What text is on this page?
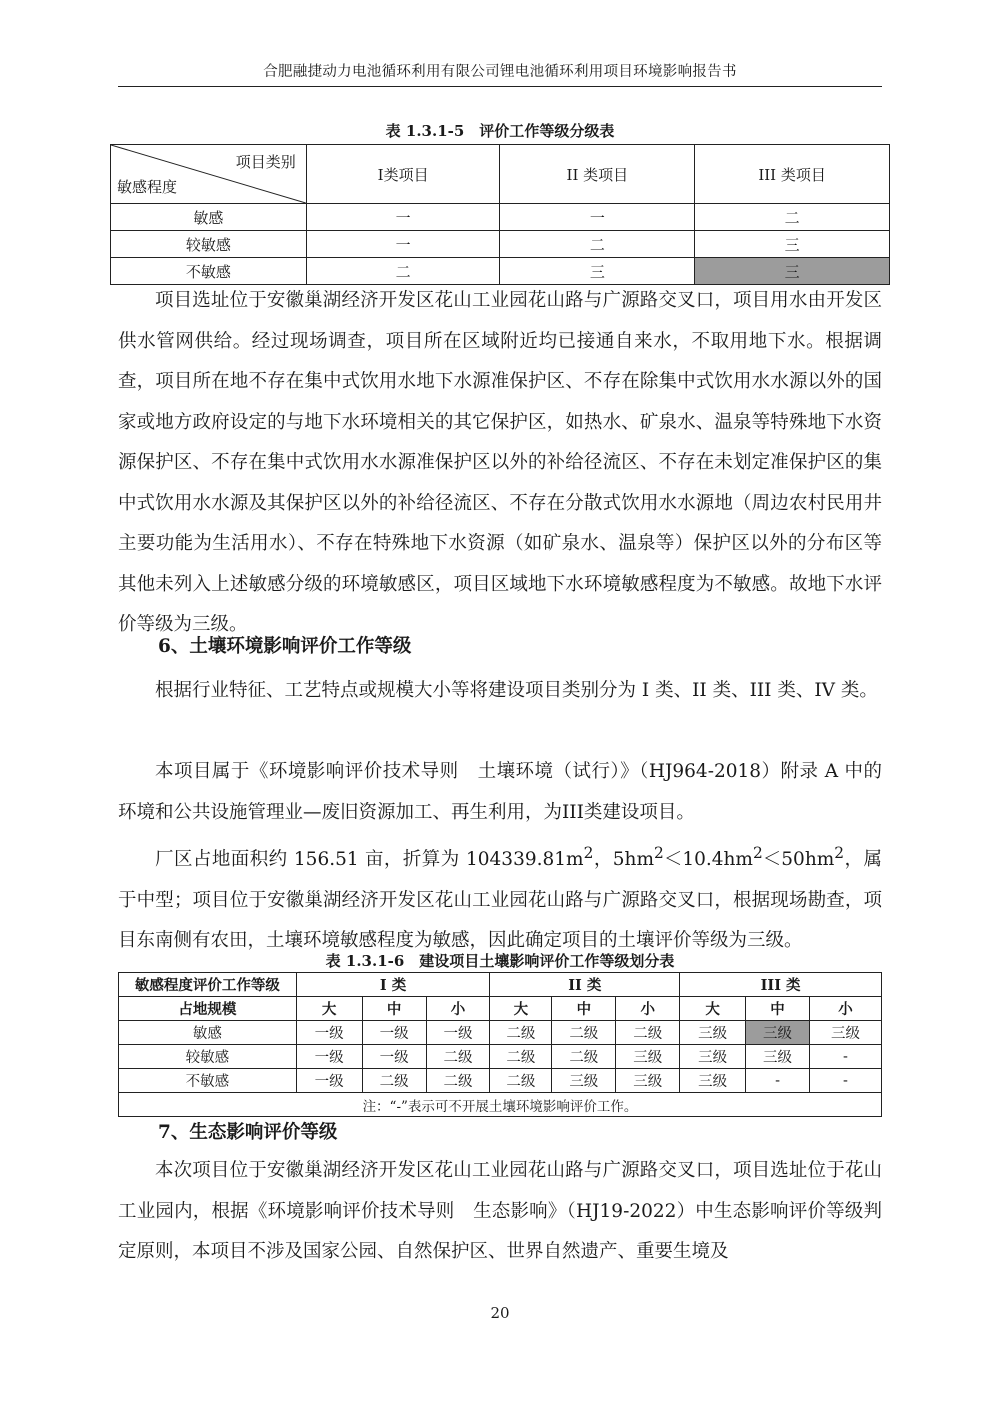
合肥融捷动力电池循环利用有限公司锂电池循环利用项目环境影响报告书
表 1.3.1-5　评价工作等级分级表
项目类别
敏感程度	I类项目	II 类项目	III 类项目
敏感	一	一	二
较敏感	一	二	三
不敏感	二	三	三

项目选址位于安徽巢湖经济开发区花山工业园花山路与广源路交叉口，项目用水由开发区供水管网供给。经过现场调查，项目所在区域附近均已接通自来水，不取用地下水。根据调查，项目所在地不存在集中式饮用水地下水源准保护区、不存在除集中式饮用水水源以外的国家或地方政府设定的与地下水环境相关的其它保护区，如热水、矿泉水、温泉等特殊地下水资源保护区、不存在集中式饮用水水源准保护区以外的补给径流区、不存在未划定准保护区的集中式饮用水水源及其保护区以外的补给径流区、不存在分散式饮用水水源地（周边农村民用井主要功能为生活用水）、不存在特殊地下水资源（如矿泉水、温泉等）保护区以外的分布区等其他未列入上述敏感分级的环境敏感区，项目区域地下水环境敏感程度为不敏感。故地下水评价等级为三级。

6、土壤环境影响评价工作等级

根据行业特征、工艺特点或规模大小等将建设项目类别分为 I 类、II 类、III 类、IV 类。

本项目属于《环境影响评价技术导则　土壤环境（试行）》（HJ964-2018）附录 A 中的环境和公共设施管理业—废旧资源加工、再生利用，为III类建设项目。

厂区占地面积约 156.51 亩，折算为 $104339.81m^2$，$5hm^2<10.4hm^2<50hm^2$，属于中型；项目位于安徽巢湖经济开发区花山工业园花山路与广源路交叉口，根据现场勘查，项目东南侧有农田，土壤环境敏感程度为敏感，因此确定项目的土壤评价等级为三级。

表 1.3.1-6　建设项目土壤影响评价工作等级划分表
敏感程度评价工作等级	I 类			II 类			III 类		
占地规模	大	中	小	大	中	小	大	中	小
敏感	一级	一级	一级	二级	二级	二级	三级	三级	三级
较敏感	一级	一级	二级	二级	二级	三级	三级	三级	-
不敏感	一级	二级	二级	二级	三级	三级	三级	-	-
注：“-”表示可不开展土壤环境影响评价工作。									

7、生态影响评价等级

本次项目位于安徽巢湖经济开发区花山工业园花山路与广源路交叉口，项目选址位于花山工业园内，根据《环境影响评价技术导则　生态影响》（HJ19-2022）中生态影响评价等级判定原则，本项目不涉及国家公园、自然保护区、世界自然遗产、重要生境及

20
